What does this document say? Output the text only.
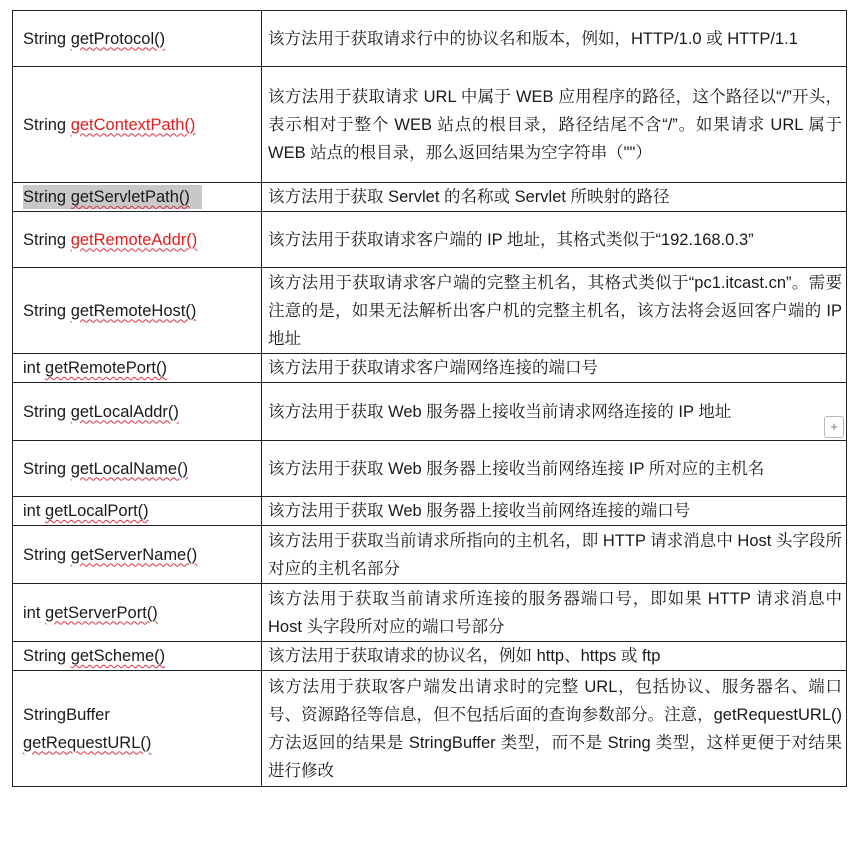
String getProtocol()	该方法用于获取请求行中的协议名和版本，例如，HTTP/1.0 或 HTTP/1.1
String getContextPath()	该方法用于获取请求 URL 中属于 WEB 应用程序的路径，这个路径以“/”开头，表示相对于整个 WEB 站点的根目录，路径结尾不含“/”。如果请求 URL 属于 WEB 站点的根目录，那么返回结果为空字符串（""）
String getServletPath()	该方法用于获取 Servlet 的名称或 Servlet 所映射的路径
String getRemoteAddr()	该方法用于获取请求客户端的 IP 地址，其格式类似于“192.168.0.3”
String getRemoteHost()	该方法用于获取请求客户端的完整主机名，其格式类似于“pc1.itcast.cn”。需要注意的是，如果无法解析出客户机的完整主机名，该方法将会返回客户端的 IP 地址
int getRemotePort()	该方法用于获取请求客户端网络连接的端口号
String getLocalAddr()	该方法用于获取 Web 服务器上接收当前请求网络连接的 IP 地址
String getLocalName()	该方法用于获取 Web 服务器上接收当前网络连接 IP 所对应的主机名
int getLocalPort()	该方法用于获取 Web 服务器上接收当前网络连接的端口号
String getServerName()	该方法用于获取当前请求所指向的主机名，即 HTTP 请求消息中 Host 头字段所对应的主机名部分
int getServerPort()	该方法用于获取当前请求所连接的服务器端口号，即如果 HTTP 请求消息中 Host 头字段所对应的端口号部分
String getScheme()	该方法用于获取请求的协议名，例如 http、https 或 ftp
StringBuffer
getRequestURL()	该方法用于获取客户端发出请求时的完整 URL，包括协议、服务器名、端口号、资源路径等信息，但不包括后面的查询参数部分。注意，getRequestURL()方法返回的结果是 StringBuffer 类型，而不是 String 类型，这样更便于对结果进行修改
+
